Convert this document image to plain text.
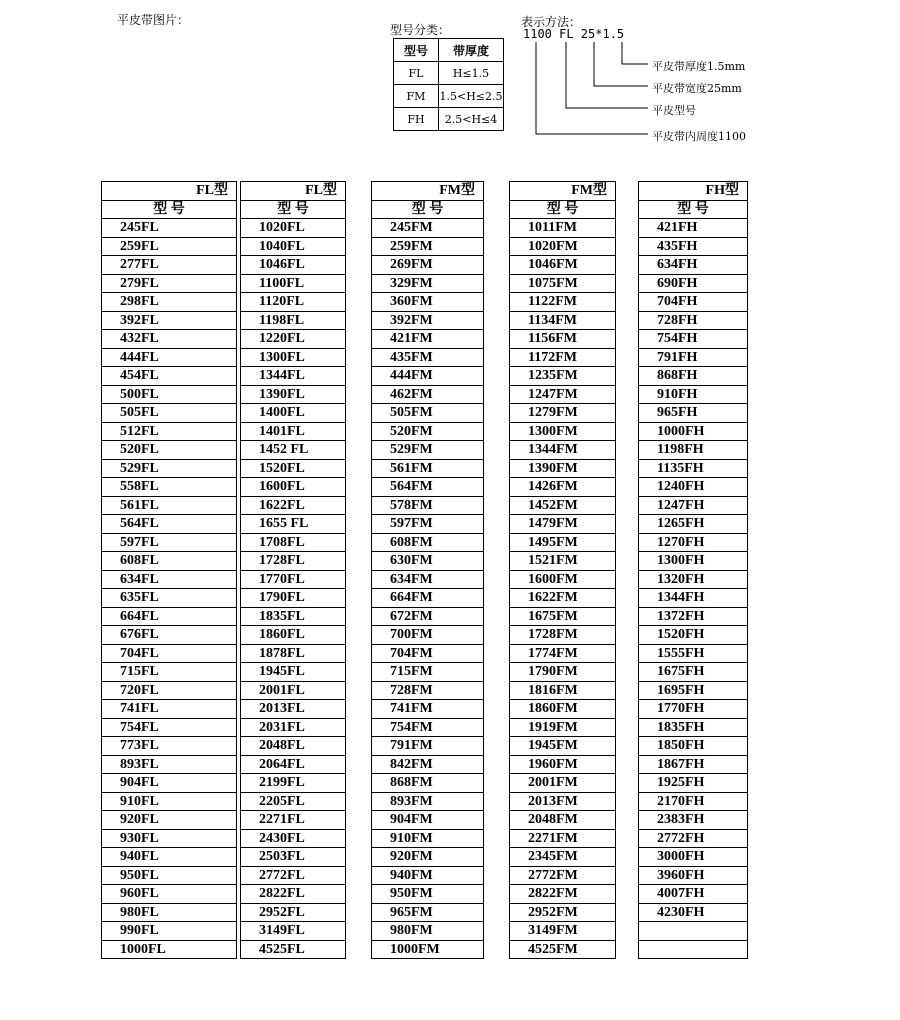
平皮带图片：
型号分类：
表示方法：
型号	带厚度
FL	H≤1.5
FM	1.5<H≤2.5
FH	2.5<H≤4
1100 FL 25*1.5
平皮带厚度1.5mm
平皮带宽度25mm
平皮型号
平皮带内周度1100
FL型
型 号
245FL
259FL
277FL
279FL
298FL
392FL
432FL
444FL
454FL
500FL
505FL
512FL
520FL
529FL
558FL
561FL
564FL
597FL
608FL
634FL
635FL
664FL
676FL
704FL
715FL
720FL
741FL
754FL
773FL
893FL
904FL
910FL
920FL
930FL
940FL
950FL
960FL
980FL
990FL
1000FL
FL型
型 号
1020FL
1040FL
1046FL
1100FL
1120FL
1198FL
1220FL
1300FL
1344FL
1390FL
1400FL
1401FL
1452 FL
1520FL
1600FL
1622FL
1655 FL
1708FL
1728FL
1770FL
1790FL
1835FL
1860FL
1878FL
1945FL
2001FL
2013FL
2031FL
2048FL
2064FL
2199FL
2205FL
2271FL
2430FL
2503FL
2772FL
2822FL
2952FL
3149FL
4525FL
FM型
型 号
245FM
259FM
269FM
329FM
360FM
392FM
421FM
435FM
444FM
462FM
505FM
520FM
529FM
561FM
564FM
578FM
597FM
608FM
630FM
634FM
664FM
672FM
700FM
704FM
715FM
728FM
741FM
754FM
791FM
842FM
868FM
893FM
904FM
910FM
920FM
940FM
950FM
965FM
980FM
1000FM
FM型
型 号
1011FM
1020FM
1046FM
1075FM
1122FM
1134FM
1156FM
1172FM
1235FM
1247FM
1279FM
1300FM
1344FM
1390FM
1426FM
1452FM
1479FM
1495FM
1521FM
1600FM
1622FM
1675FM
1728FM
1774FM
1790FM
1816FM
1860FM
1919FM
1945FM
1960FM
2001FM
2013FM
2048FM
2271FM
2345FM
2772FM
2822FM
2952FM
3149FM
4525FM
FH型
型 号
421FH
435FH
634FH
690FH
704FH
728FH
754FH
791FH
868FH
910FH
965FH
1000FH
1198FH
1135FH
1240FH
1247FH
1265FH
1270FH
1300FH
1320FH
1344FH
1372FH
1520FH
1555FH
1675FH
1695FH
1770FH
1835FH
1850FH
1867FH
1925FH
2170FH
2383FH
2772FH
3000FH
3960FH
4007FH
4230FH
